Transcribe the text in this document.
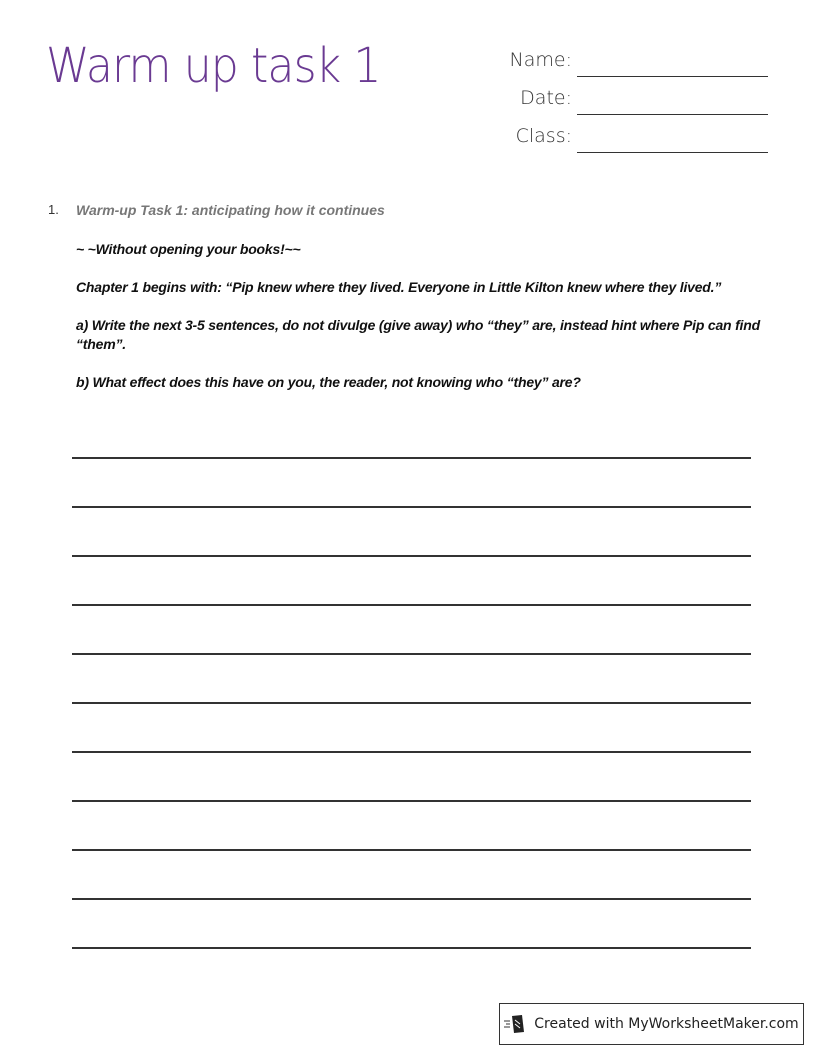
Warm up task 1	Name:
Date:
Class:
1. Warm-up Task 1: anticipating how it continues

~ ~Without opening your books!~~

Chapter 1 begins with: “Pip knew where they lived. Everyone in Little Kilton knew where they lived.”

a) Write the next 3-5 sentences, do not divulge (give away) who “they” are, instead hint where Pip can find “them”.

b) What effect does this have on you, the reader, not knowing who “they” are?

Created with MyWorksheetMaker.com
